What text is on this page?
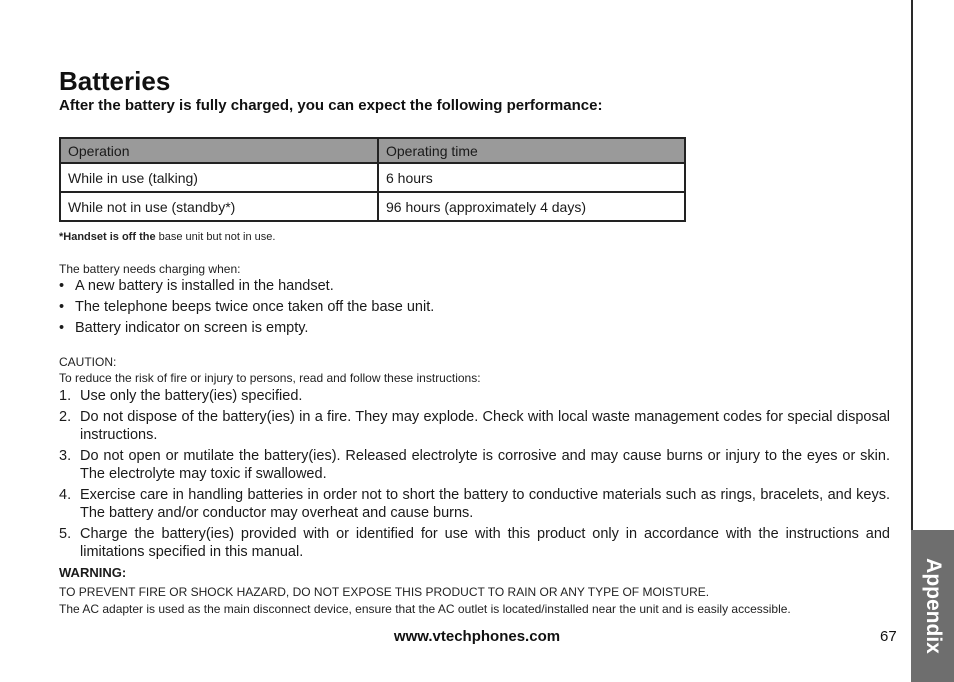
Appendix
Batteries

After the battery is fully charged, you can expect the following performance:

Operation	Operating time
While in use (talking)	6 hours
While not in use (standby*)	96 hours (approximately 4 days)
*Handset is off the base unit but not in use.

The battery needs charging when:

• A new battery is installed in the handset.
• The telephone beeps twice once taken off the base unit.
• Battery indicator on screen is empty.

CAUTION:

To reduce the risk of fire or injury to persons, read and follow these instructions:

1. Use only the battery(ies) specified.
2. Do not dispose of the battery(ies) in a fire. They may explode. Check with local waste management codes for special disposal instructions.
3. Do not open or mutilate the battery(ies). Released electrolyte is corrosive and may cause burns or injury to the eyes or skin. The electrolyte may toxic if swallowed.
4. Exercise care in handling batteries in order not to short the battery to conductive materials such as rings, bracelets, and keys. The battery and/or conductor may overheat and cause burns.
5. Charge the battery(ies) provided with or identified for use with this product only in accordance with the instructions and limitations specified in this manual.
WARNING:

TO PREVENT FIRE OR SHOCK HAZARD, DO NOT EXPOSE THIS PRODUCT TO RAIN OR ANY TYPE OF MOISTURE.

The AC adapter is used as the main disconnect device, ensure that the AC outlet is located/installed near the unit and is easily accessible.

www.vtechphones.com	67
